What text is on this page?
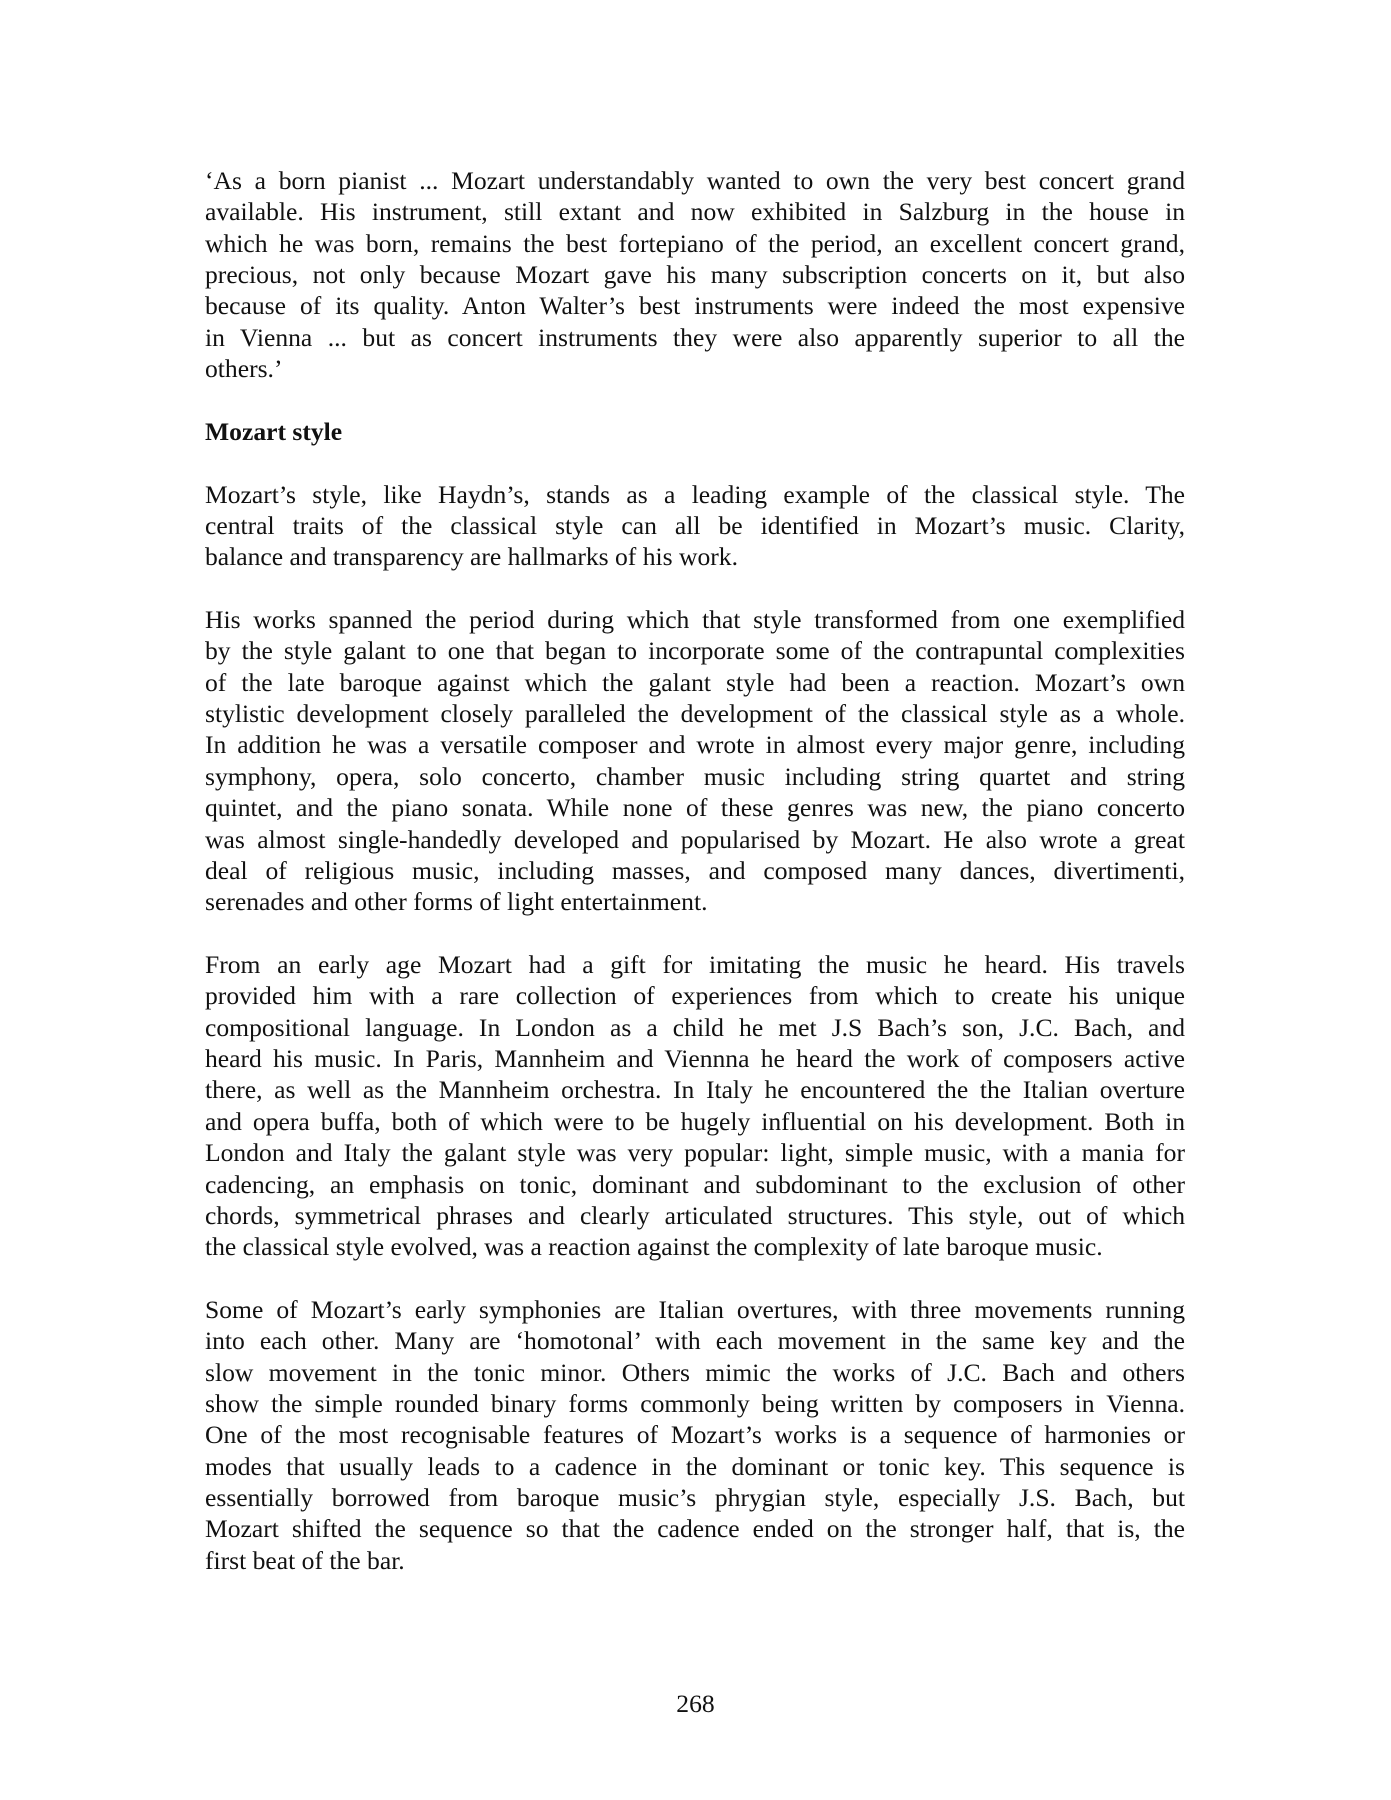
‘As a born pianist ... Mozart understandably wanted to own the very best concert grand
available. His instrument, still extant and now exhibited in Salzburg in the house in
which he was born, remains the best fortepiano of the period, an excellent concert grand,
precious, not only because Mozart gave his many subscription concerts on it, but also
because of its quality. Anton Walter’s best instruments were indeed the most expensive
in Vienna ... but as concert instruments they were also apparently superior to all the
others.’
Mozart style
Mozart’s style, like Haydn’s, stands as a leading example of the classical style. The
central traits of the classical style can all be identified in Mozart’s music. Clarity,
balance and transparency are hallmarks of his work.
His works spanned the period during which that style transformed from one exemplified
by the style galant to one that began to incorporate some of the contrapuntal complexities
of the late baroque against which the galant style had been a reaction. Mozart’s own
stylistic development closely paralleled the development of the classical style as a whole.
In addition he was a versatile composer and wrote in almost every major genre, including
symphony, opera, solo concerto, chamber music including string quartet and string
quintet, and the piano sonata. While none of these genres was new, the piano concerto
was almost single-handedly developed and popularised by Mozart. He also wrote a great
deal of religious music, including masses, and composed many dances, divertimenti,
serenades and other forms of light entertainment.
From an early age Mozart had a gift for imitating the music he heard. His travels
provided him with a rare collection of experiences from which to create his unique
compositional language. In London as a child he met J.S Bach’s son, J.C. Bach, and
heard his music. In Paris, Mannheim and Viennna he heard the work of composers active
there, as well as the Mannheim orchestra. In Italy he encountered the the Italian overture
and opera buffa, both of which were to be hugely influential on his development. Both in
London and Italy the galant style was very popular: light, simple music, with a mania for
cadencing, an emphasis on tonic, dominant and subdominant to the exclusion of other
chords, symmetrical phrases and clearly articulated structures. This style, out of which
the classical style evolved, was a reaction against the complexity of late baroque music.
Some of Mozart’s early symphonies are Italian overtures, with three movements running
into each other. Many are ‘homotonal’ with each movement in the same key and the
slow movement in the tonic minor. Others mimic the works of J.C. Bach and others
show the simple rounded binary forms commonly being written by composers in Vienna.
One of the most recognisable features of Mozart’s works is a sequence of harmonies or
modes that usually leads to a cadence in the dominant or tonic key. This sequence is
essentially borrowed from baroque music’s phrygian style, especially J.S. Bach, but
Mozart shifted the sequence so that the cadence ended on the stronger half, that is, the
first beat of the bar.
268
